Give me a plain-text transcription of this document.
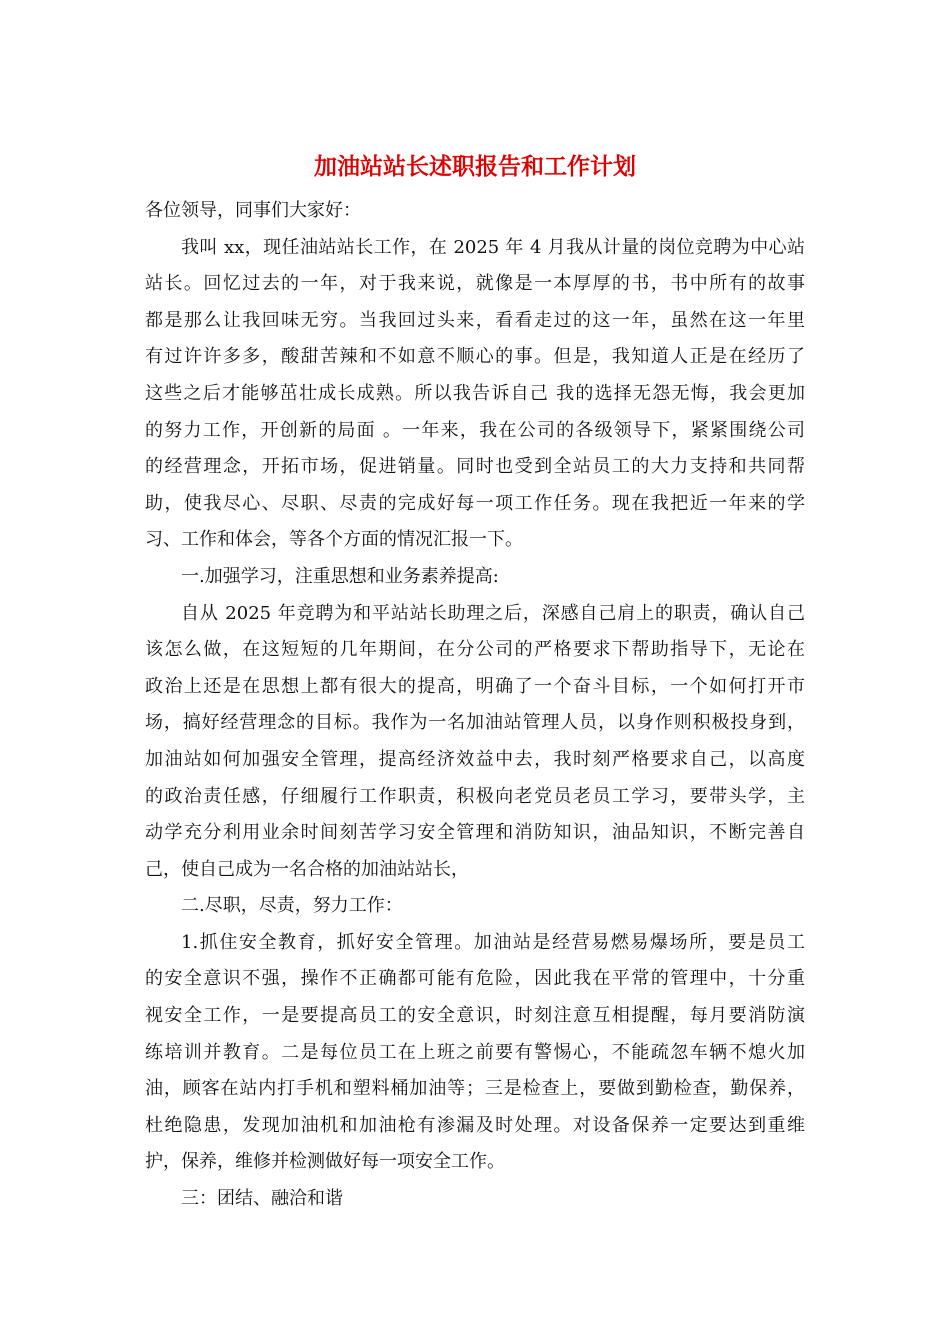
加油站站长述职报告和工作计划
各位领导，同事们大家好：
我叫 xx，现任油站站长工作，在 2025 年 4 月我从计量的岗位竞聘为中心站
站长。回忆过去的一年，对于我来说，就像是一本厚厚的书，书中所有的故事
都是那么让我回味无穷。当我回过头来，看看走过的这一年，虽然在这一年里
有过许许多多，酸甜苦辣和不如意不顺心的事。但是，我知道人正是在经历了
这些之后才能够茁壮成长成熟。所以我告诉自己 我的选择无怨无悔，我会更加
的努力工作，开创新的局面 。一年来，我在公司的各级领导下，紧紧围绕公司
的经营理念，开拓市场，促进销量。同时也受到全站员工的大力支持和共同帮
助，使我尽心、尽职、尽责的完成好每一项工作任务。现在我把近一年来的学
习、工作和体会，等各个方面的情况汇报一下。
一.加强学习，注重思想和业务素养提高:
自从 2025 年竞聘为和平站站长助理之后，深感自己肩上的职责，确认自己
该怎么做，在这短短的几年期间，在分公司的严格要求下帮助指导下，无论在
政治上还是在思想上都有很大的提高，明确了一个奋斗目标，一个如何打开市
场，搞好经营理念的目标。我作为一名加油站管理人员，以身作则积极投身到，
加油站如何加强安全管理，提高经济效益中去，我时刻严格要求自己，以高度
的政治责任感，仔细履行工作职责，积极向老党员老员工学习，要带头学，主
动学充分利用业余时间刻苦学习安全管理和消防知识，油品知识，不断完善自
己，使自己成为一名合格的加油站站长，
二.尽职，尽责，努力工作：
1.抓住安全教育，抓好安全管理。加油站是经营易燃易爆场所，要是员工
的安全意识不强，操作不正确都可能有危险，因此我在平常的管理中，十分重
视安全工作，一是要提高员工的安全意识，时刻注意互相提醒，每月要消防演
练培训并教育。二是每位员工在上班之前要有警惕心，不能疏忽车辆不熄火加
油，顾客在站内打手机和塑料桶加油等；三是检查上，要做到勤检查，勤保养，
杜绝隐患，发现加油机和加油枪有渗漏及时处理。对设备保养一定要达到重维
护，保养，维修并检测做好每一项安全工作。
三：团结、融洽和谐
